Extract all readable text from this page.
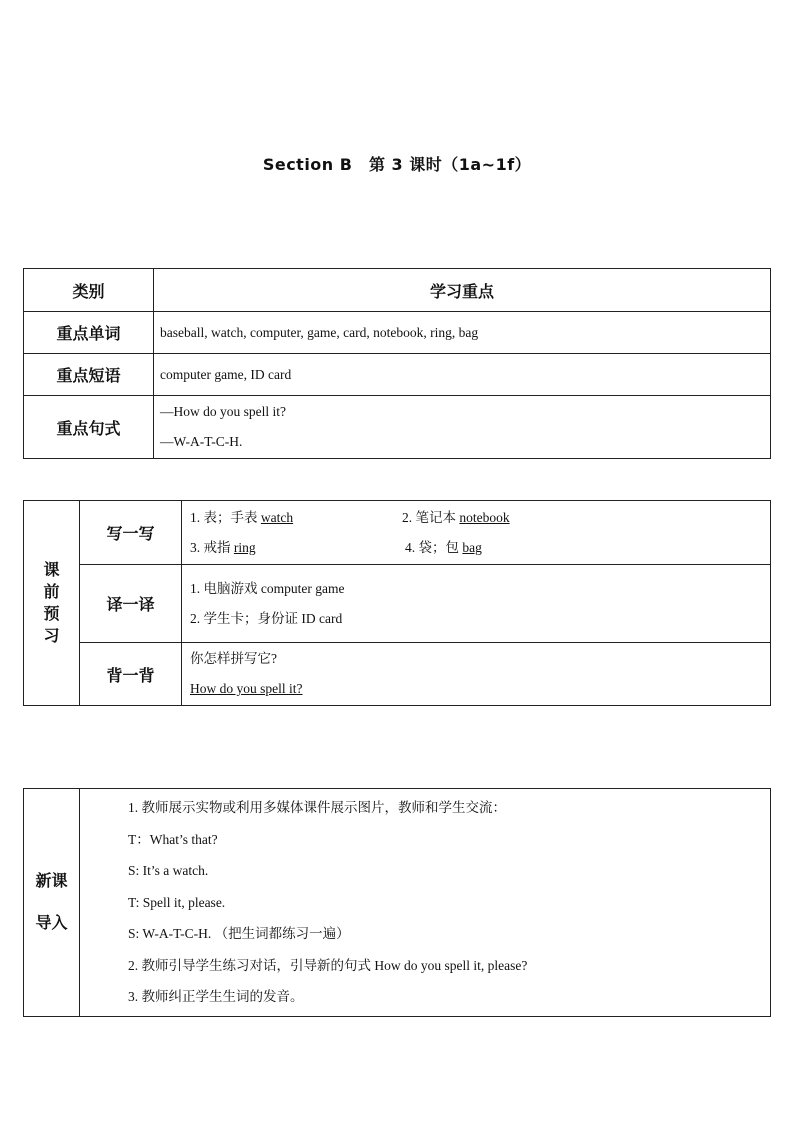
Section B　第 3 课时（1a~1f）
类别	学习重点
重点单词	baseball, watch, computer, game, card, notebook, ring, bag
重点短语	computer game, ID card
重点句式	—How do you spell it?
—W-A-T-C-H.
课前预习	写一写	1. 表；手表 watch 2. 笔记本 notebook
3. 戒指 ring 4. 袋；包 bag

	译一译	1. 电脑游戏 computer game
2. 学生卡；身份证 ID card

	背一背	你怎样拼写它?
How do you spell it?
新课
导入

1. 教师展示实物或利用多媒体课件展示图片，教师和学生交流：
T：What’s that?
S: It’s a watch.
T: Spell it, please.
S: W-A-T-C-H. （把生词都练习一遍）
2. 教师引导学生练习对话，引导新的句式 How do you spell it, please?
3. 教师纠正学生生词的发音。
